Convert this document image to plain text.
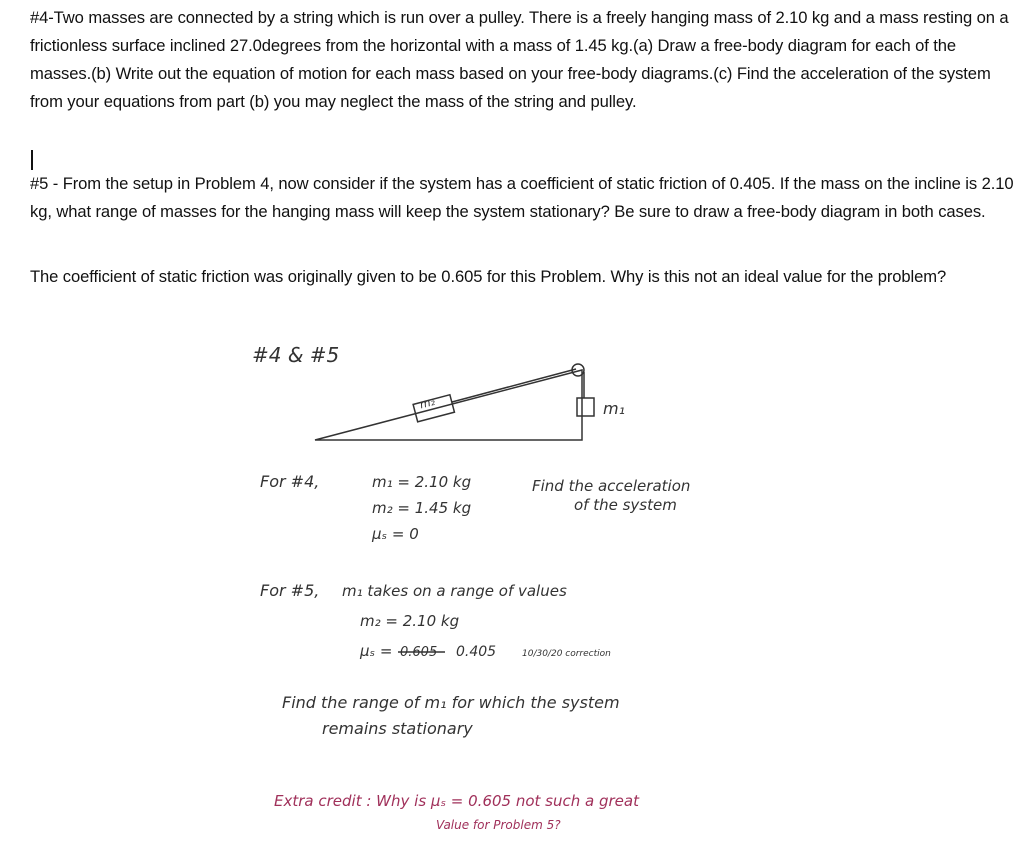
#4-Two masses are connected by a string which is run over a pulley. There is a freely hanging mass of 2.10 kg and a mass resting on a frictionless surface inclined 27.0degrees from the horizontal with a mass of 1.45 kg.(a) Draw a free-body diagram for each of the masses.(b) Write out the equation of motion for each mass based on your free-body diagrams.(c) Find the acceleration of the system from your equations from part (b) you may neglect the mass of the string and pulley.

#5 - From the setup in Problem 4, now consider if the system has a coefficient of static friction of 0.405. If the mass on the incline is 2.10 kg, what range of masses for the hanging mass will keep the system stationary? Be sure to draw a free-body diagram in both cases.

The coefficient of static friction was originally given to be 0.605 for this Problem. Why is this not an ideal value for the problem?

#4 & #5
m₂	m₁
For #4,	m₁ = 2.10 kg
m₂ = 1.45 kg
μₛ = 0
Find the acceleration
of the system
For #5, m₁ takes on a range of values
m₂ = 2.10 kg
μₛ = 0.605 0.405	10/30/20 correction
Find the range of m₁ for which the system
remains stationary
Extra credit : Why is μₛ = 0.605 not such a great
Value for Problem 5?
